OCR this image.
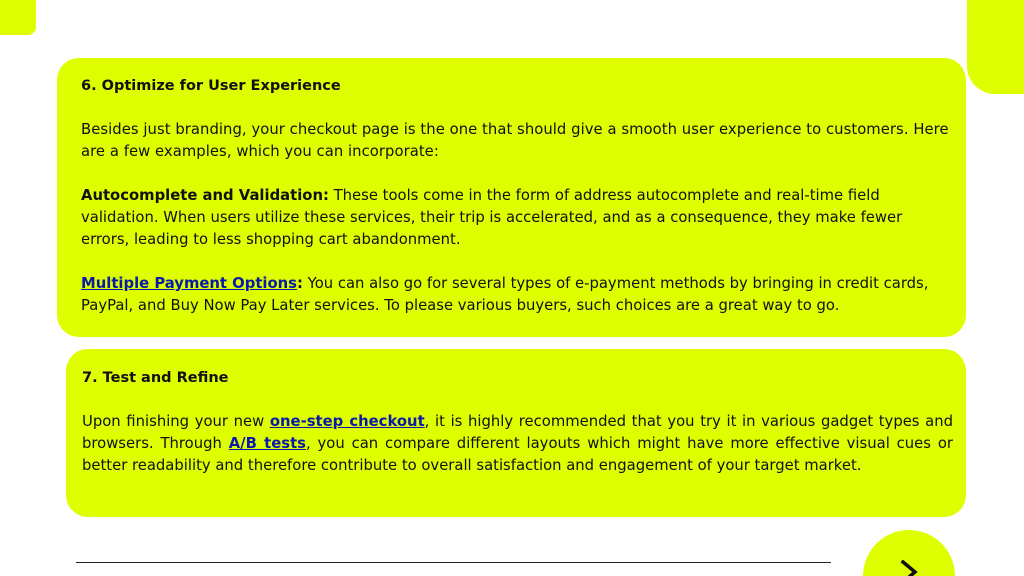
6. Optimize for User Experience

Besides just branding, your checkout page is the one that should give a smooth user experience to customers. Here are a few examples, which you can incorporate:

Autocomplete and Validation: These tools come in the form of address autocomplete and real-time field validation. When users utilize these services, their trip is accelerated, and as a consequence, they make fewer errors, leading to less shopping cart abandonment.

Multiple Payment Options: You can also go for several types of e-payment methods by bringing in credit cards, PayPal, and Buy Now Pay Later services. To please various buyers, such choices are a great way to go.

7. Test and Refine

Upon finishing your new one-step checkout, it is highly recommended that you try it in various gadget types and browsers. Through A/B tests, you can compare different layouts which might have more effective visual cues or better readability and therefore contribute to overall satisfaction and engagement of your target market.
